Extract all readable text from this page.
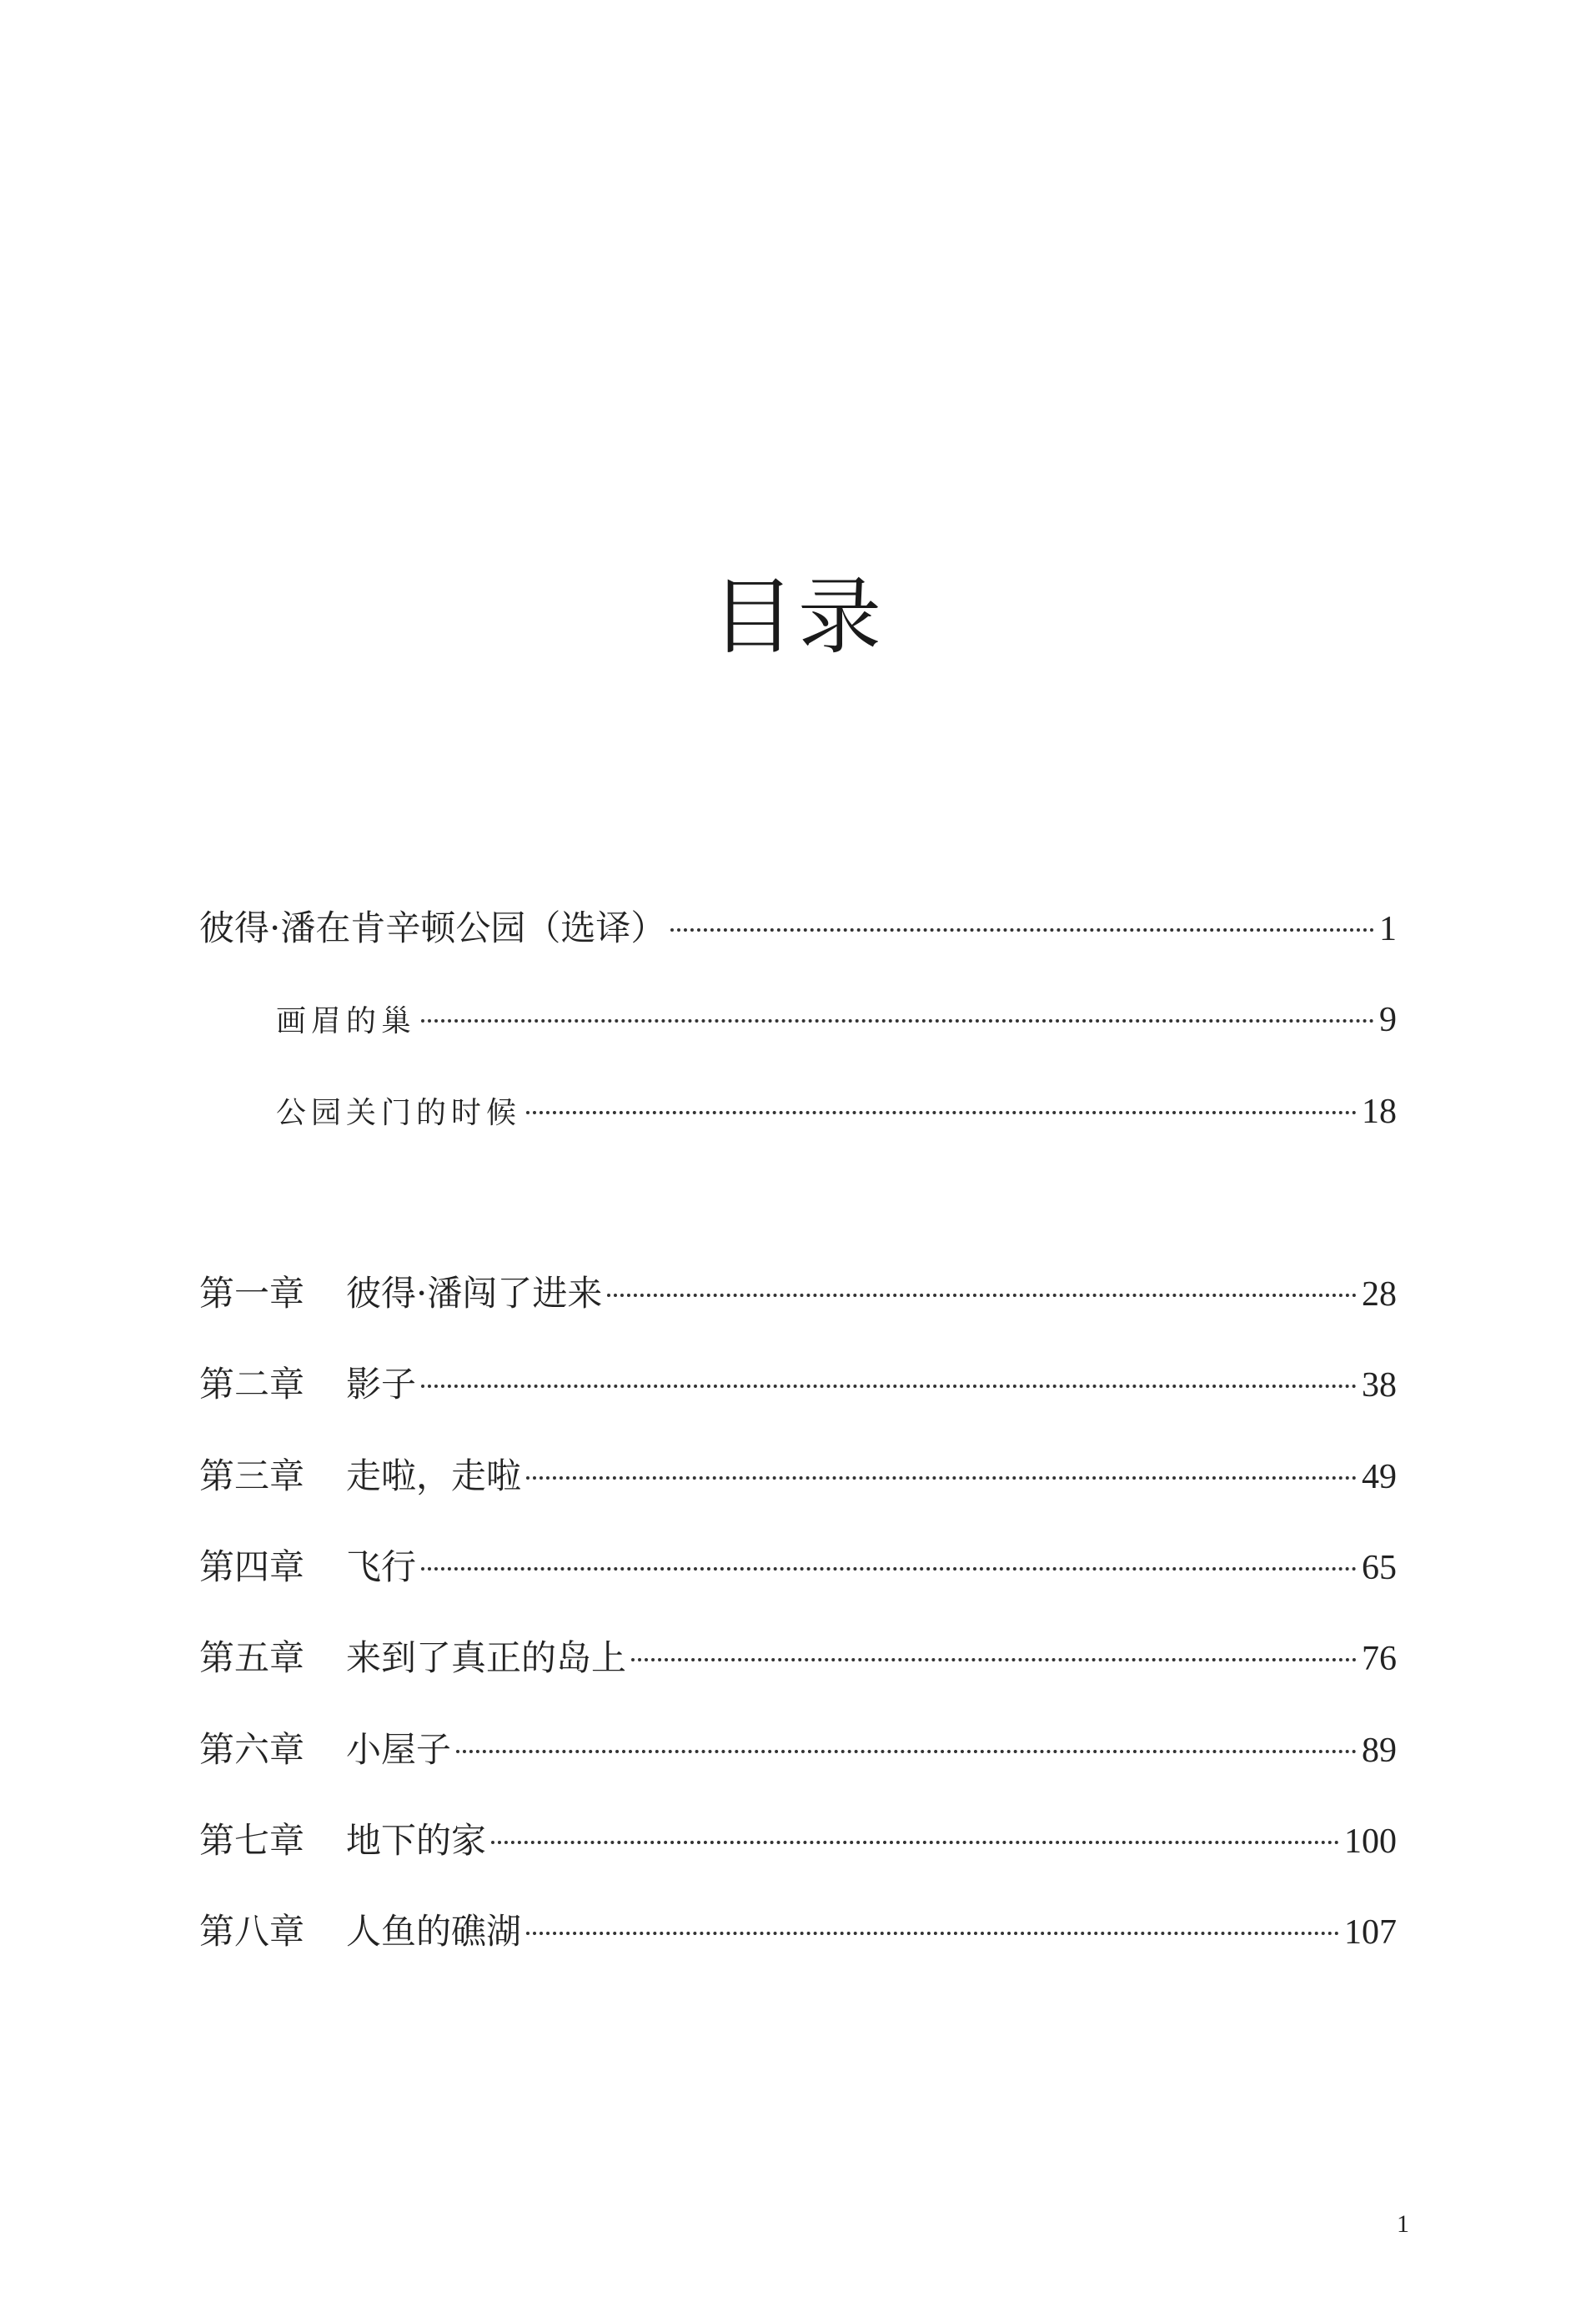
目录
彼得·潘在肯辛顿公园（选译）	1
画眉的巢	9
公园关门的时候	18
第一章	彼得·潘闯了进来	28
第二章	影子	38
第三章	走啦，走啦	49
第四章	飞行	65
第五章	来到了真正的岛上	76
第六章	小屋子	89
第七章	地下的家	100
第八章	人鱼的礁湖	107
1
